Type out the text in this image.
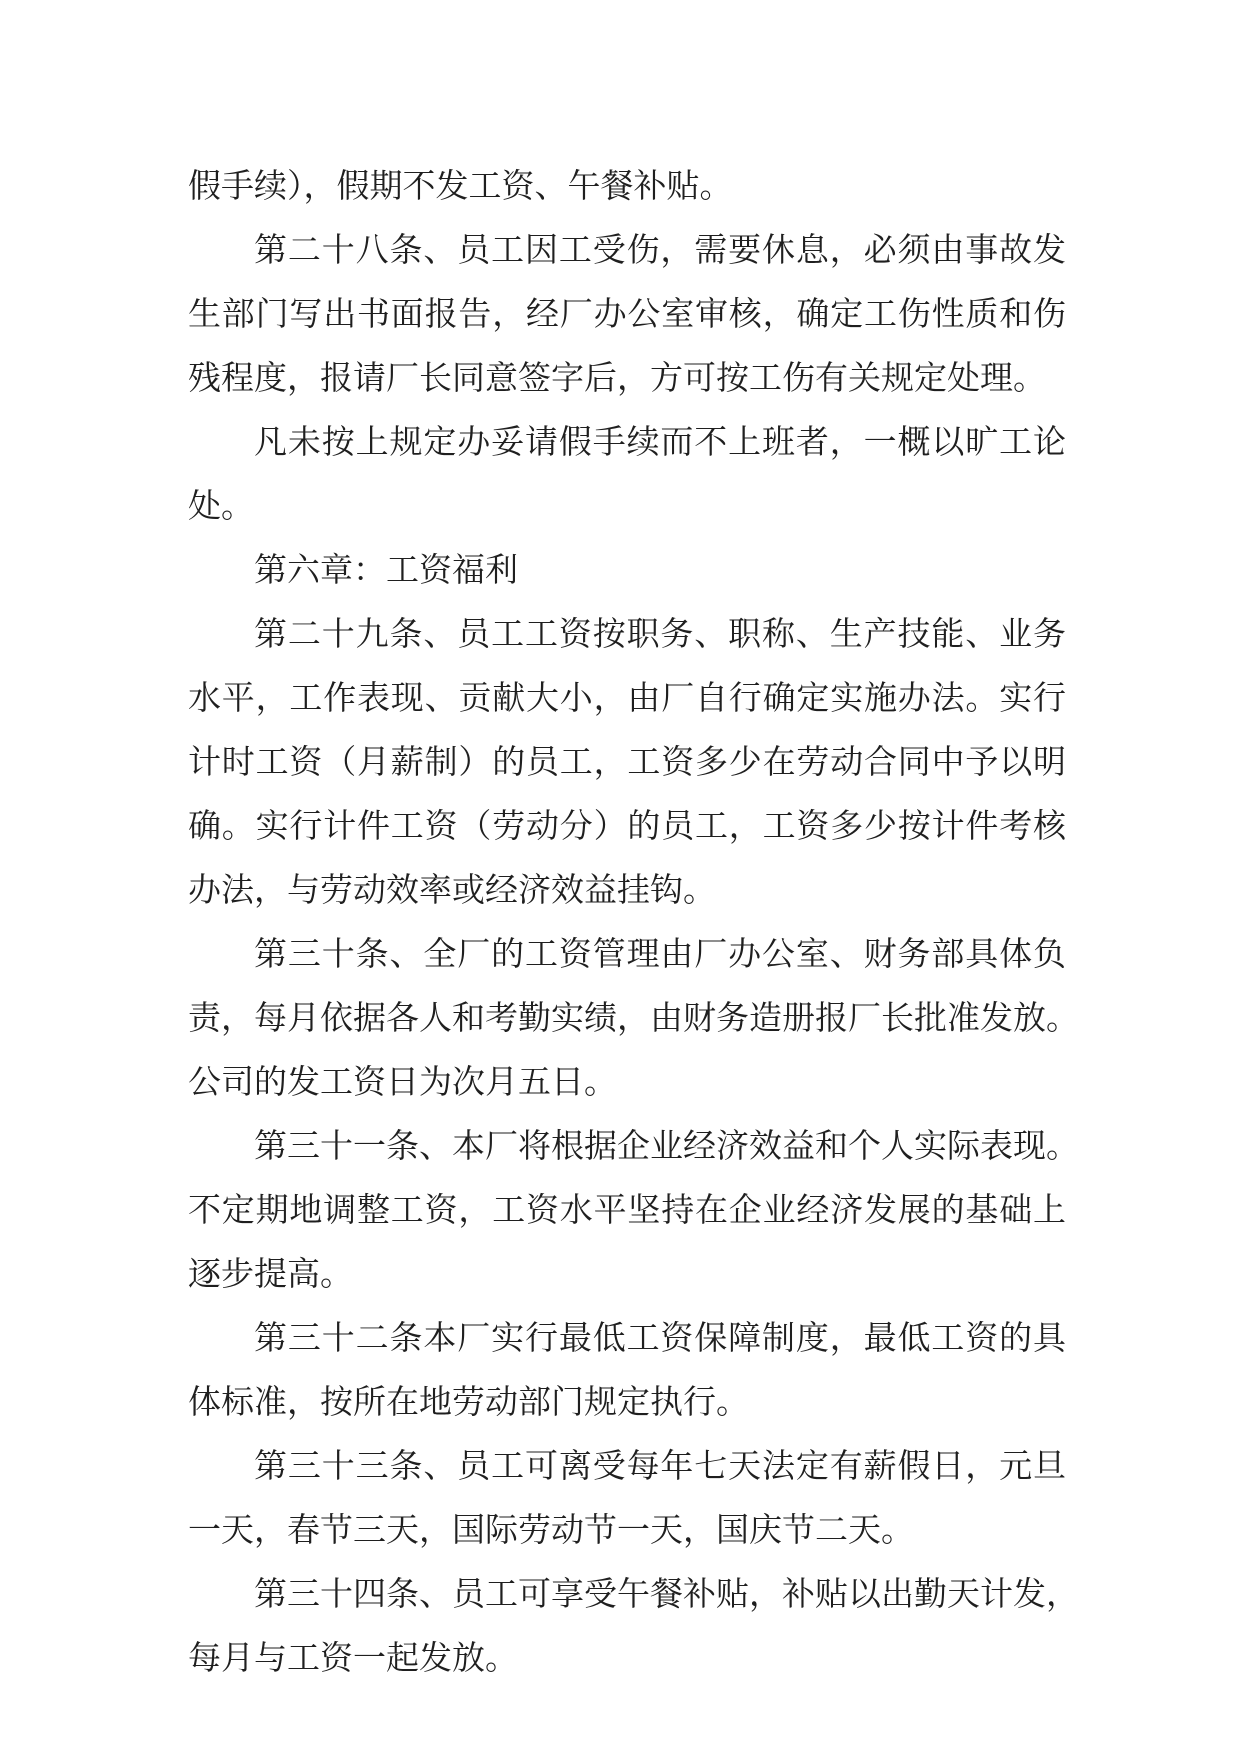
假手续），假期不发工资、午餐补贴。
第二十八条、员工因工受伤，需要休息，必须由事故发
生部门写出书面报告，经厂办公室审核，确定工伤性质和伤
残程度，报请厂长同意签字后，方可按工伤有关规定处理。
凡未按上规定办妥请假手续而不上班者，一概以旷工论
处。
第六章：工资福利
第二十九条、员工工资按职务、职称、生产技能、业务
水平，工作表现、贡献大小，由厂自行确定实施办法。实行
计时工资（月薪制）的员工，工资多少在劳动合同中予以明
确。实行计件工资（劳动分）的员工，工资多少按计件考核
办法，与劳动效率或经济效益挂钩。
第三十条、全厂的工资管理由厂办公室、财务部具体负
责，每月依据各人和考勤实绩，由财务造册报厂长批准发放。
公司的发工资日为次月五日。
第三十一条、本厂将根据企业经济效益和个人实际表现。
不定期地调整工资，工资水平坚持在企业经济发展的基础上
逐步提高。
第三十二条本厂实行最低工资保障制度，最低工资的具
体标准，按所在地劳动部门规定执行。
第三十三条、员工可离受每年七天法定有薪假日，元旦
一天，春节三天，国际劳动节一天，国庆节二天。
第三十四条、员工可享受午餐补贴，补贴以出勤天计发，
每月与工资一起发放。
